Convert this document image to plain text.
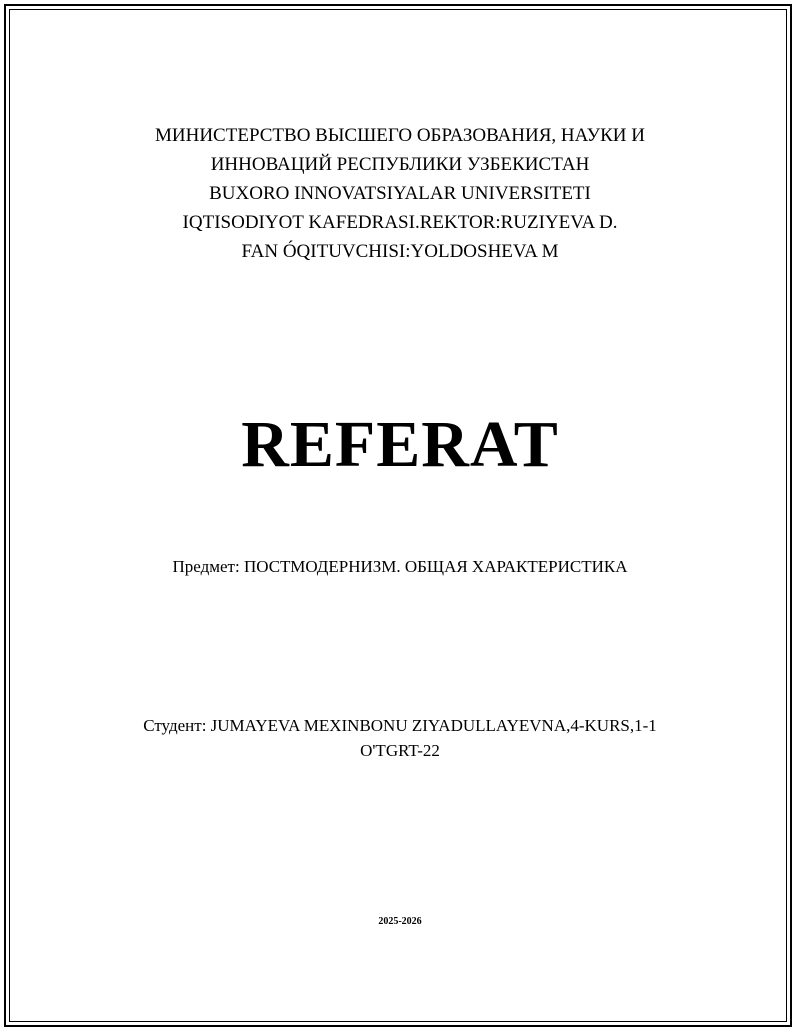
МИНИСТЕРСТВО ВЫСШЕГО ОБРАЗОВАНИЯ, НАУКИ И
ИННОВАЦИЙ РЕСПУБЛИКИ УЗБЕКИСТАН
BUXORO INNOVATSIYALAR UNIVERSITETI
IQTISODIYOT KAFEDRASI.REKTOR:RUZIYEVA D.
FAN ÓQITUVCHISI:YOLDOSHEVA M
REFERAT
Предмет: ПОСТМОДЕРНИЗМ. ОБЩАЯ ХАРАКТЕРИСТИКА
Студент: JUMAYEVA MEXINBONU ZIYADULLAYEVNA,4-KURS,1-1
O'TGRT-22
2025-2026
